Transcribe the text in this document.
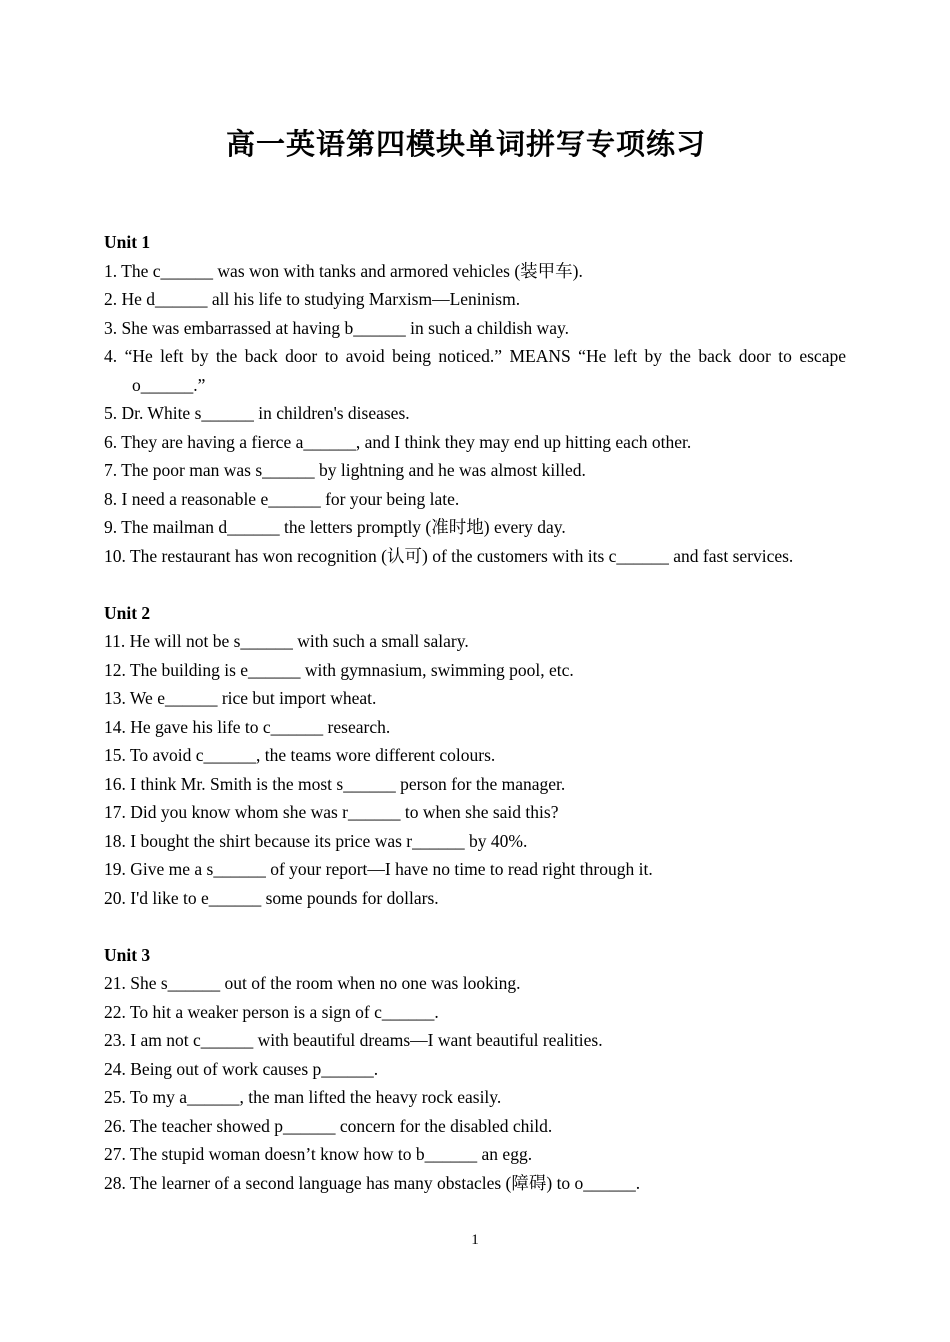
高一英语第四模块单词拼写专项练习

Unit 1

1. The c______ was won with tanks and armored vehicles (装甲车).

2. He d______ all his life to studying Marxism—Leninism.

3. She was embarrassed at having b______ in such a childish way.

4. “He left by the back door to avoid being noticed.” MEANS “He left by the back door to escape o______.”

5. Dr. White s______ in children's diseases.

6. They are having a fierce a______, and I think they may end up hitting each other.

7. The poor man was s______ by lightning and he was almost killed.

8. I need a reasonable e______ for your being late.

9. The mailman d______ the letters promptly (准时地) every day.

10. The restaurant has won recognition (认可) of the customers with its c______ and fast services.

Unit 2

11. He will not be s______ with such a small salary.

12. The building is e______ with gymnasium, swimming pool, etc.

13. We e______ rice but import wheat.

14. He gave his life to c______ research.

15. To avoid c______, the teams wore different colours.

16. I think Mr. Smith is the most s______ person for the manager.

17. Did you know whom she was r______ to when she said this?

18. I bought the shirt because its price was r______ by 40%.

19. Give me a s______ of your report—I have no time to read right through it.

20. I'd like to e______ some pounds for dollars.

Unit 3

21. She s______ out of the room when no one was looking.

22. To hit a weaker person is a sign of c______.

23. I am not c______ with beautiful dreams—I want beautiful realities.

24. Being out of work causes p______.

25. To my a______, the man lifted the heavy rock easily.

26. The teacher showed p______ concern for the disabled child.

27. The stupid woman doesn’t know how to b______ an egg.

28. The learner of a second language has many obstacles (障碍) to o______.

1
